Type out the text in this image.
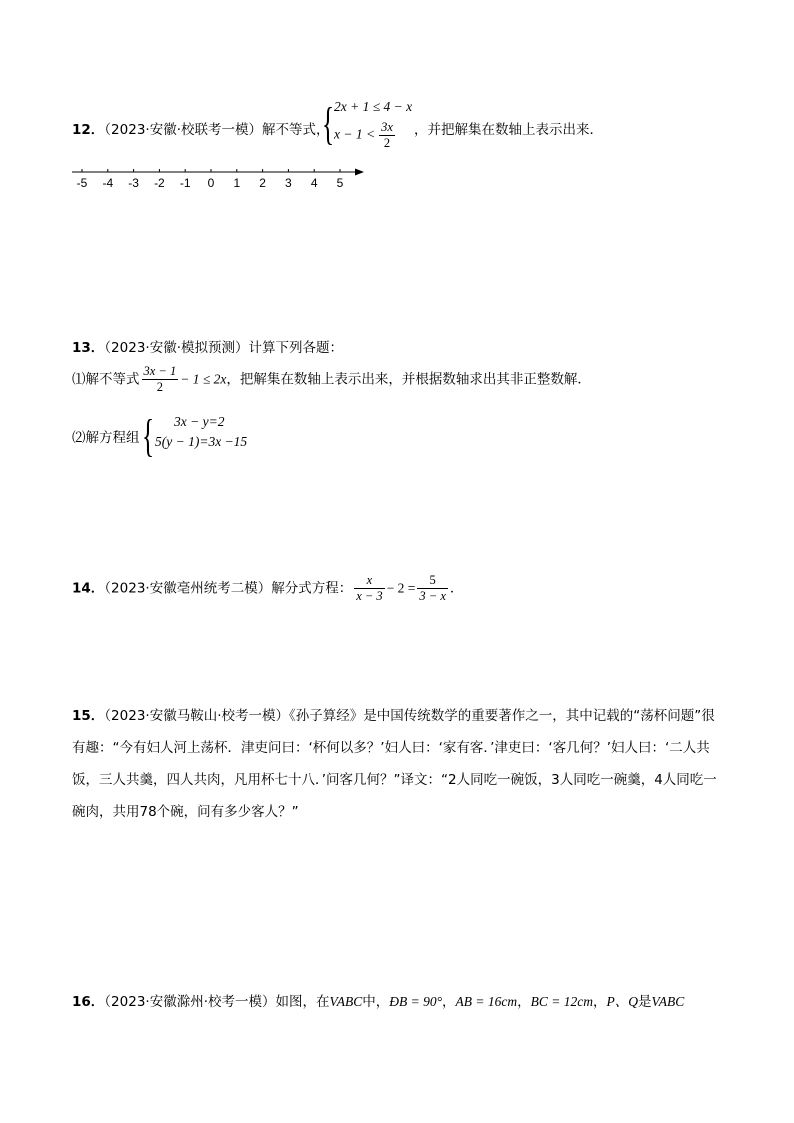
12．（2023·安徽·校联考一模）解不等式，
{ 2x + 1 ≤ 4 − x
$x - 1 < \frac{3x}{2}$ ，并把解集在数轴上表示出来．
-5 -4 -3 -2 -1 0 1 2 3 4 5
13．（2023·安徽·模拟预测）计算下列各题：
⑴解不等式 $\frac{3x - 1}{2} - 1 \le 2x$，把解集在数轴上表示出来，并根据数轴求出其非正整数解．
⑵解方程组 { 3x − y=2
5(y − 1)=3x −15
14．（2023·安徽亳州统考二模）解分式方程： $\frac{x}{x - 3} - 2 = \frac{5}{3 - x}$ ．
15．（2023·安徽马鞍山·校考一模）《孙子算经》是中国传统数学的重要著作之一，其中记载的“荡杯问题”很有趣：“今有妇人河上荡杯．津吏问曰：‘杯何以多？’妇人曰：‘家有客．’津吏曰：‘客几何？’妇人曰：‘二人共饭，三人共羹，四人共肉，凡用杯七十八．’问客几何？”译文：“2人同吃一碗饭，3人同吃一碗羹，4人同吃一碗肉，共用78个碗，问有多少客人？”
16．（2023·安徽滁州·校考一模）如图，在VABC中，ÐB = 90°，AB = 16cm，BC = 12cm，P、Q是VABC
